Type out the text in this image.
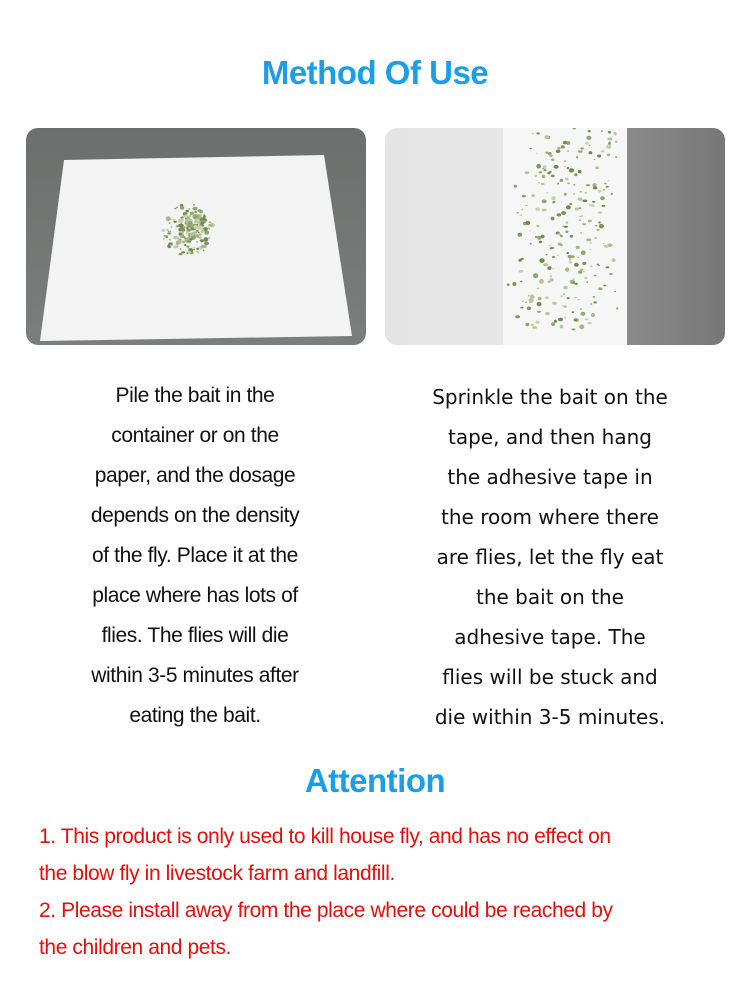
Method Of Use
Pile the bait in the
container or on the
paper, and the dosage
depends on the density
of the fly. Place it at the
place where has lots of
flies. The flies will die
within 3-5 minutes after
eating the bait.
Sprinkle the bait on the
tape, and then hang
the adhesive tape in
the room where there
are flies, let the fly eat
the bait on the
adhesive tape. The
flies will be stuck and
die within 3-5 minutes.
Attention
1. This product is only used to kill house fly, and has no effect on
the blow fly in livestock farm and landfill.
2. Please install away from the place where could be reached by
the children and pets.
